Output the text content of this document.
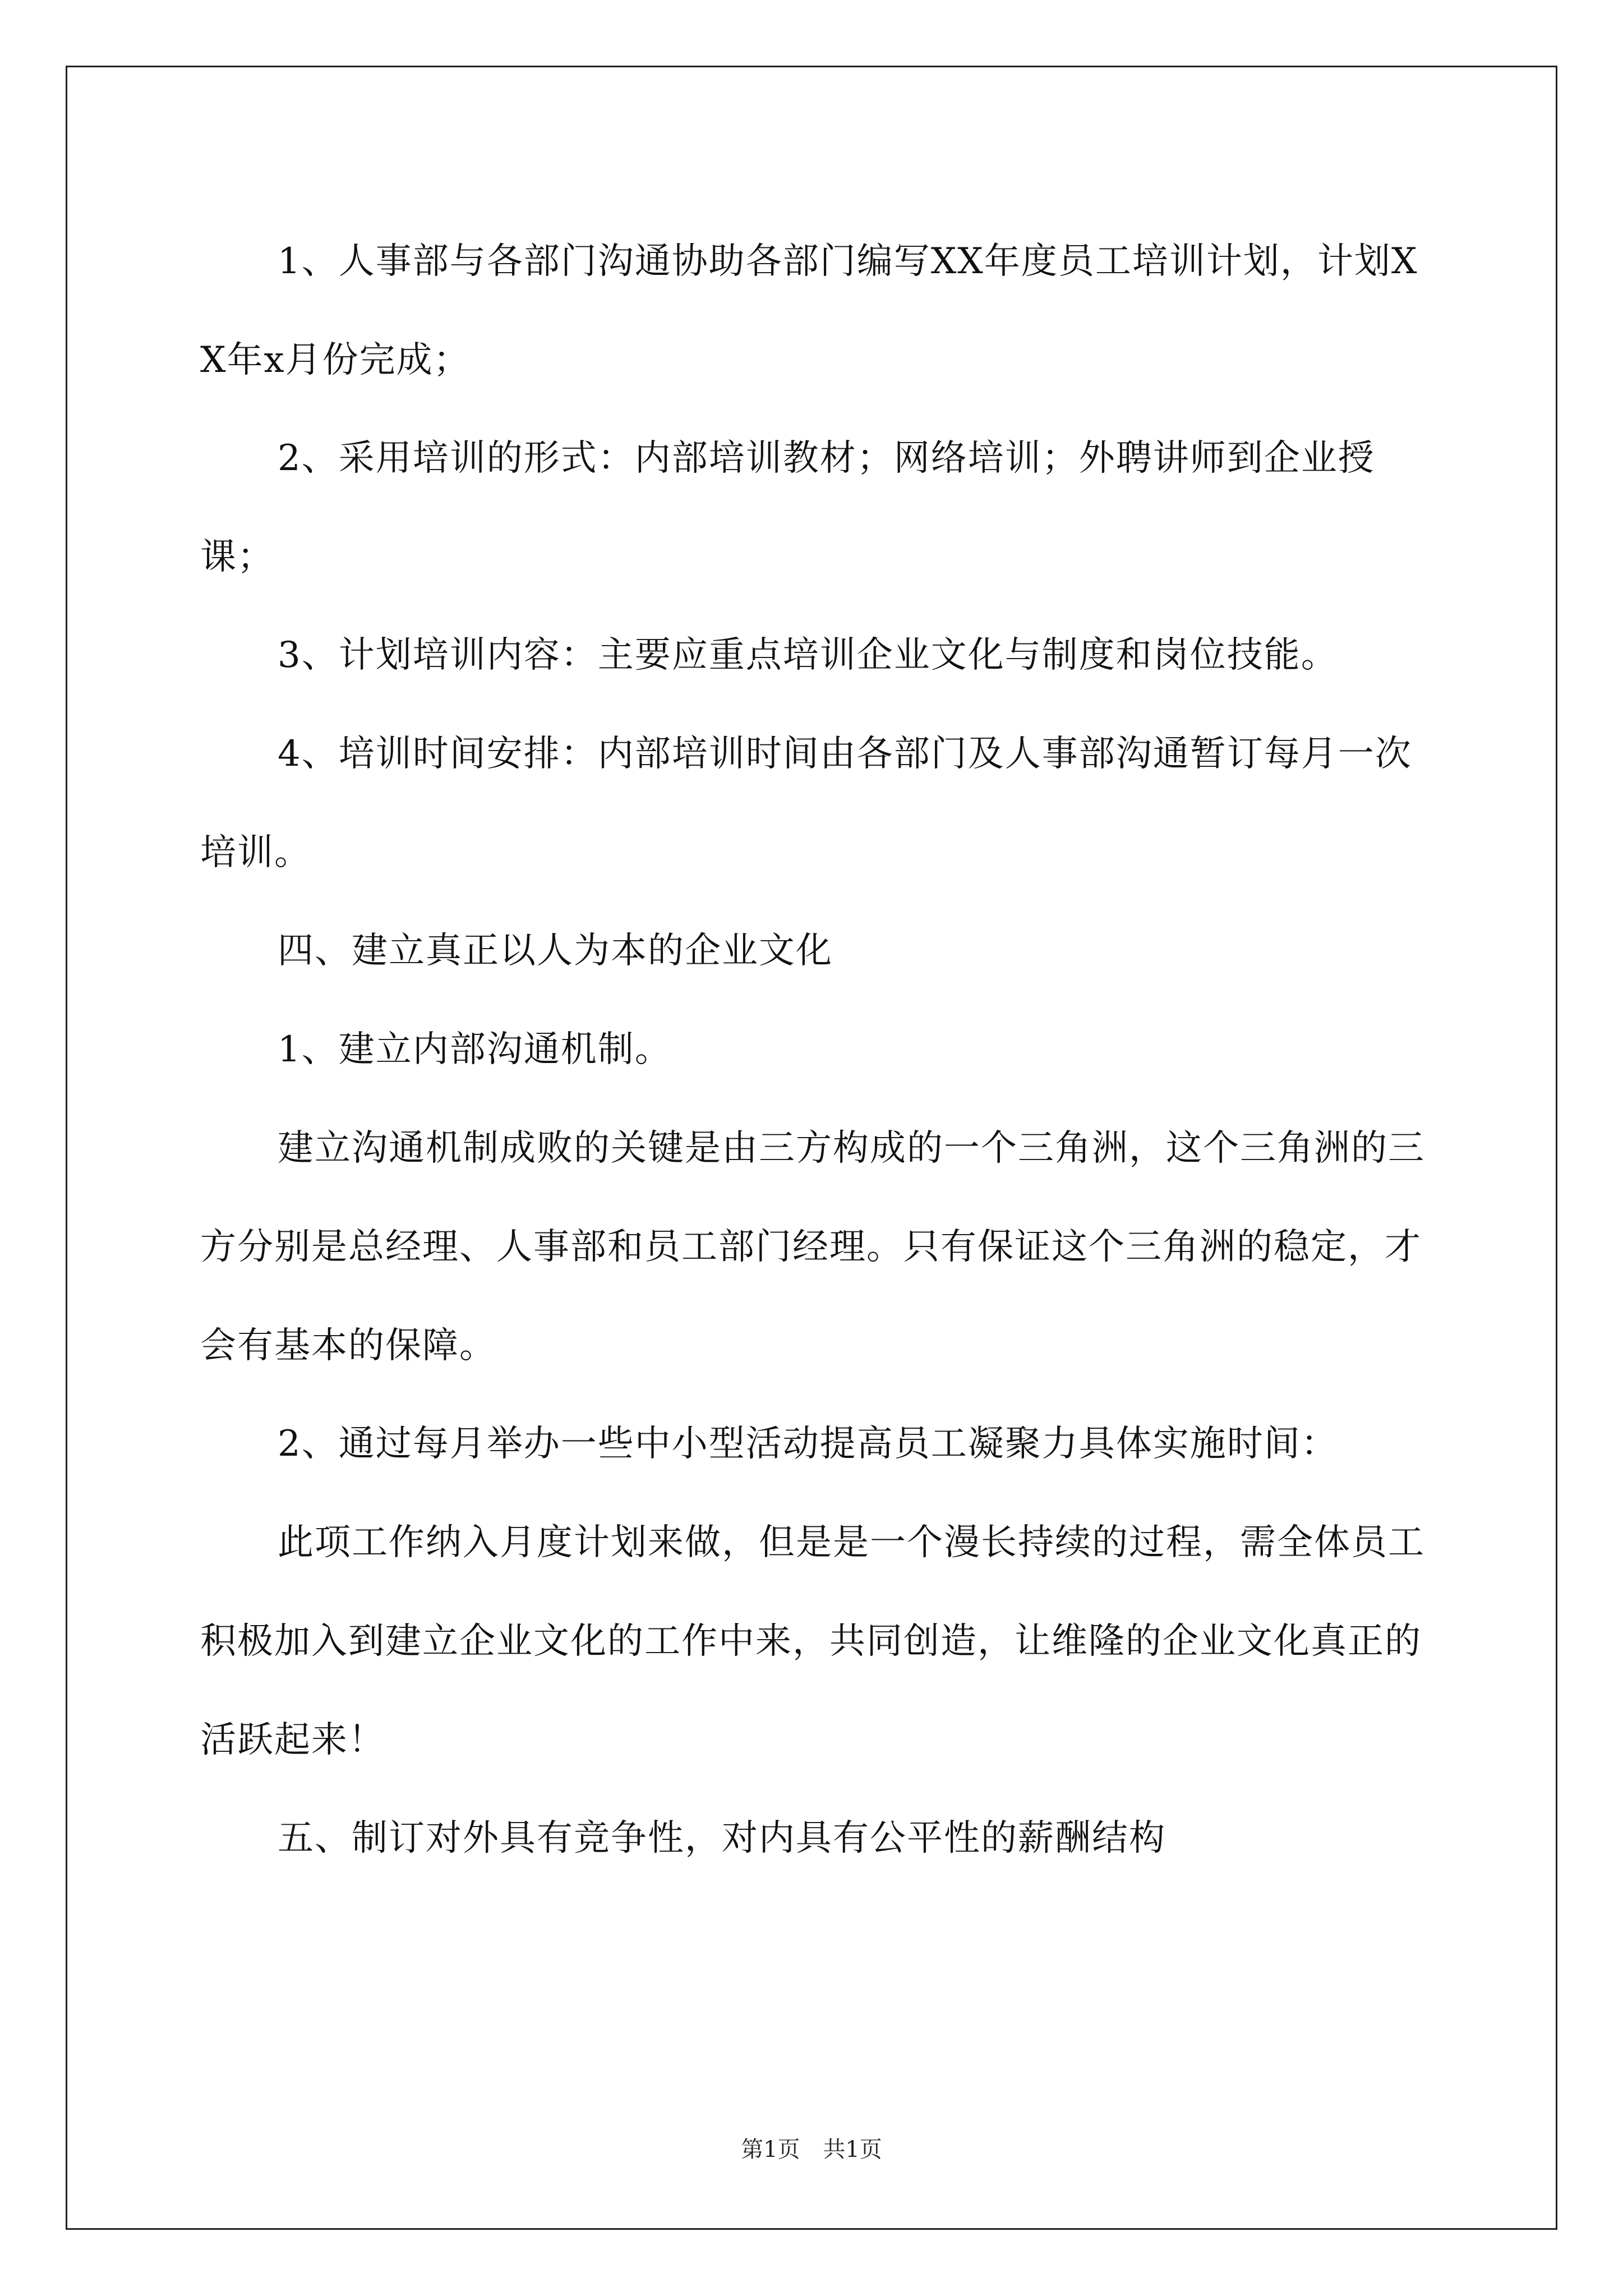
1、人事部与各部门沟通协助各部门编写XX年度员工培训计划，计划XX年x月份完成；
2、采用培训的形式：内部培训教材；网络培训；外聘讲师到企业授课；
3、计划培训内容：主要应重点培训企业文化与制度和岗位技能。
4、培训时间安排：内部培训时间由各部门及人事部沟通暂订每月一次培训。
四、建立真正以人为本的企业文化
1、建立内部沟通机制。
建立沟通机制成败的关键是由三方构成的一个三角洲，这个三角洲的三方分别是总经理、人事部和员工部门经理。只有保证这个三角洲的稳定，才会有基本的保障。
2、通过每月举办一些中小型活动提高员工凝聚力具体实施时间：
此项工作纳入月度计划来做，但是是一个漫长持续的过程，需全体员工积极加入到建立企业文化的工作中来，共同创造，让维隆的企业文化真正的活跃起来！
五、制订对外具有竞争性，对内具有公平性的薪酬结构
第1页 共1页
